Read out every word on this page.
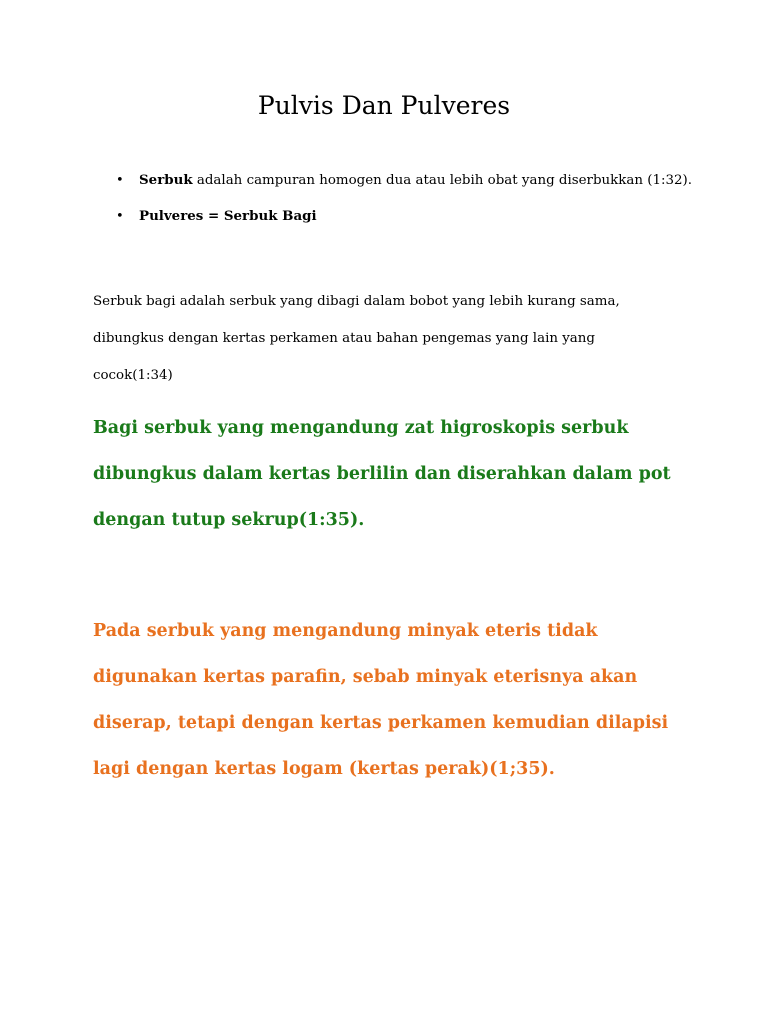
Pulvis Dan Pulveres
• Serbuk adalah campuran homogen dua atau lebih obat yang diserbukkan (1:32).
• Pulveres = Serbuk Bagi

Serbuk bagi adalah serbuk yang dibagi dalam bobot yang lebih kurang sama, dibungkus dengan kertas perkamen atau bahan pengemas yang lain yang cocok(1:34)

Bagi serbuk yang mengandung zat higroskopis serbuk dibungkus dalam kertas berlilin dan diserahkan dalam pot dengan tutup sekrup(1:35).

Pada serbuk yang mengandung minyak eteris tidak digunakan kertas parafin, sebab minyak eterisnya akan diserap, tetapi dengan kertas perkamen kemudian dilapisi lagi dengan kertas logam (kertas perak)(1;35).
